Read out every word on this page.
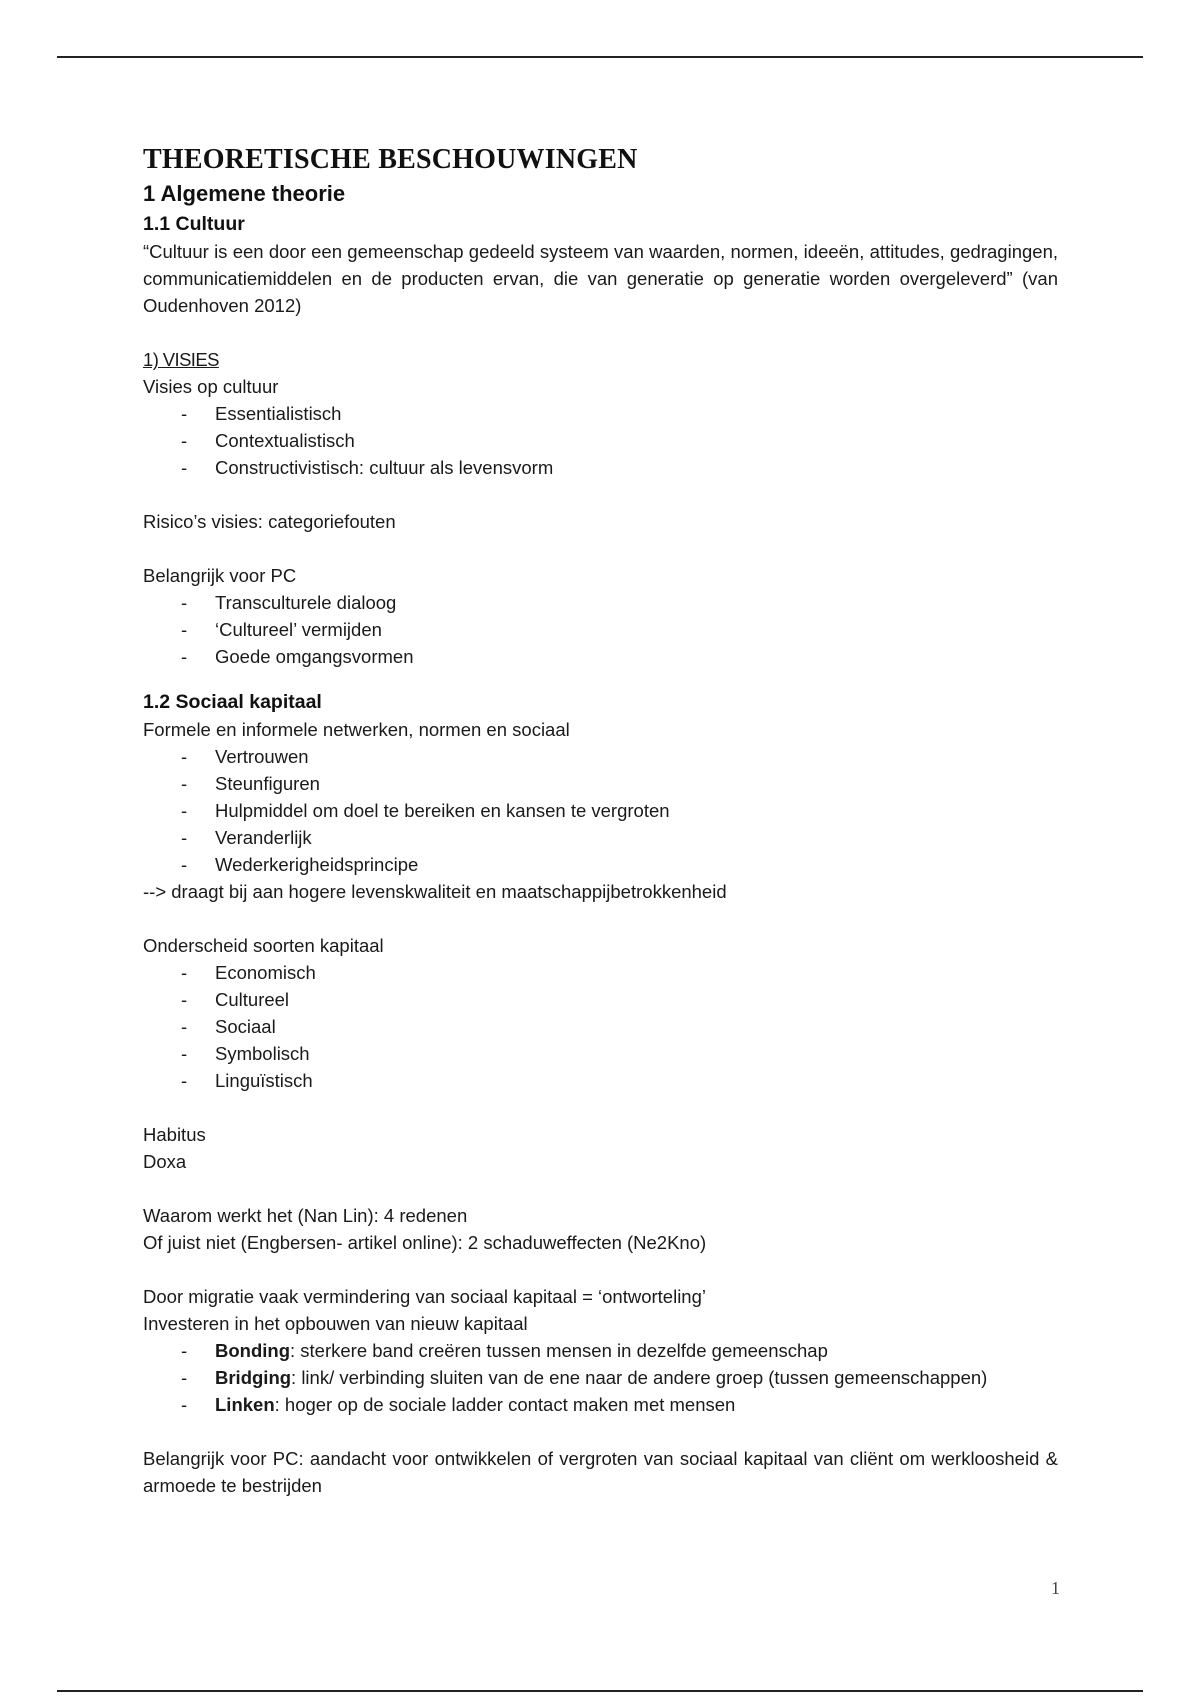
THEORETISCHE BESCHOUWINGEN
1 Algemene theorie
1.1 Cultuur

“Cultuur is een door een gemeenschap gedeeld systeem van waarden, normen, ideeën, attitudes, gedragingen, communicatiemiddelen en de producten ervan, die van generatie op generatie worden overgeleverd” (van Oudenhoven 2012)

1) VISIES

Visies op cultuur

- Essentialistisch
- Contextualistisch
- Constructivistisch: cultuur als levensvorm

Risico’s visies: categoriefouten

Belangrijk voor PC

- Transculturele dialoog
- ‘Cultureel’ vermijden
- Goede omgangsvormen
1.2 Sociaal kapitaal

Formele en informele netwerken, normen en sociaal

- Vertrouwen
- Steunfiguren
- Hulpmiddel om doel te bereiken en kansen te vergroten
- Veranderlijk
- Wederkerigheidsprincipe

--> draagt bij aan hogere levenskwaliteit en maatschappijbetrokkenheid

Onderscheid soorten kapitaal

- Economisch
- Cultureel
- Sociaal
- Symbolisch
- Linguïstisch

Habitus

Doxa

Waarom werkt het (Nan Lin): 4 redenen

Of juist niet (Engbersen- artikel online): 2 schaduweffecten (Ne2Kno)

Door migratie vaak vermindering van sociaal kapitaal = ‘ontworteling’

Investeren in het opbouwen van nieuw kapitaal

- Bonding: sterkere band creëren tussen mensen in dezelfde gemeenschap
- Bridging: link/ verbinding sluiten van de ene naar de andere groep (tussen gemeenschappen)
- Linken: hoger op de sociale ladder contact maken met mensen

Belangrijk voor PC: aandacht voor ontwikkelen of vergroten van sociaal kapitaal van cliënt om werkloosheid & armoede te bestrijden

1
